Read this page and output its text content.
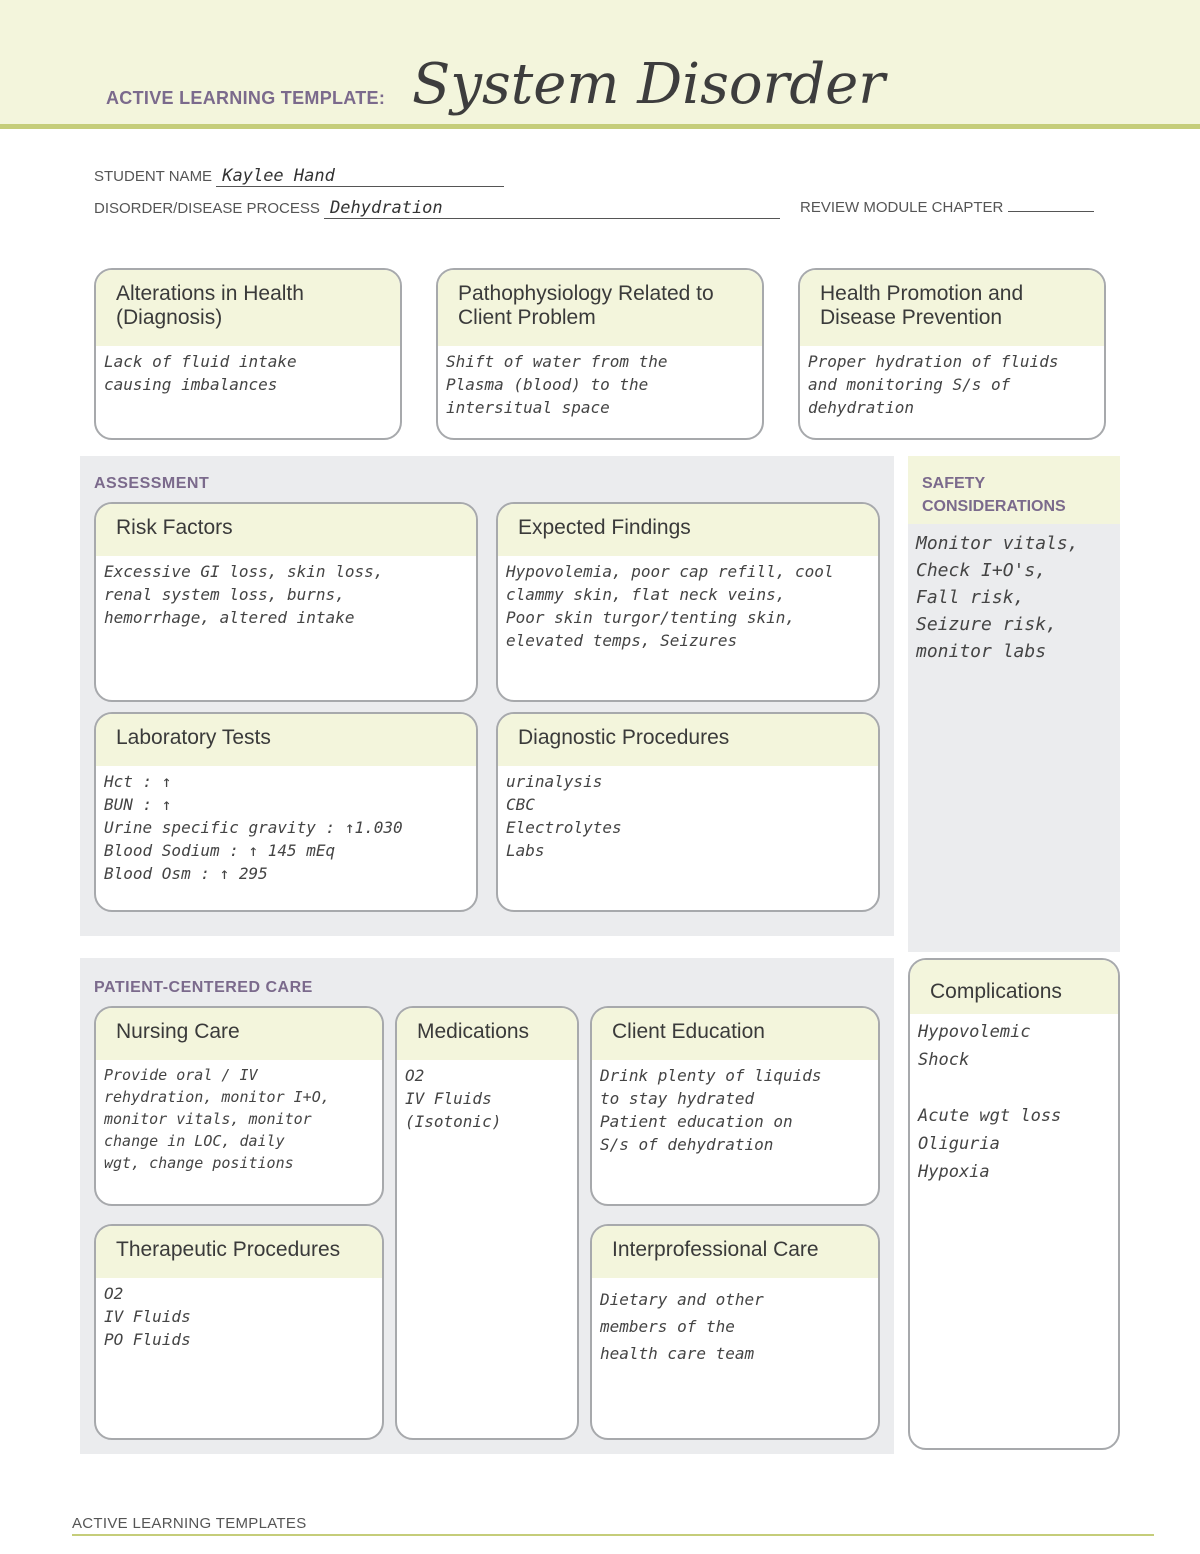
ACTIVE LEARNING TEMPLATE: System Disorder
STUDENT NAME Kaylee Hand
DISORDER/DISEASE PROCESS Dehydration	REVIEW MODULE CHAPTER
Alterations in Health (Diagnosis)
Lack of fluid intake
causing imbalances
Pathophysiology Related to Client Problem
Shift of water from the
Plasma (blood) to the
intersitual space
Health Promotion and Disease Prevention
Proper hydration of fluids
and monitoring S/s of
dehydration
ASSESSMENT
Risk Factors
Excessive GI loss, skin loss,
renal system loss, burns,
hemorrhage, altered intake
Expected Findings
Hypovolemia, poor cap refill, cool
clammy skin, flat neck veins,
Poor skin turgor/tenting skin,
elevated temps, Seizures
Laboratory Tests
Hct : ↑
BUN : ↑
Urine specific gravity : ↑1.030
Blood Sodium : ↑ 145 mEq
Blood Osm : ↑ 295
Diagnostic Procedures
urinalysis
CBC
Electrolytes
Labs
SAFETY CONSIDERATIONS
Monitor vitals,
Check I+O's,
Fall risk,
Seizure risk,
monitor labs
PATIENT-CENTERED CARE
Nursing Care
Provide oral / IV
rehydration, monitor I+O,
monitor vitals, monitor
change in LOC, daily
wgt, change positions
Medications
O2
IV Fluids
(Isotonic)
Client Education
Drink plenty of liquids
to stay hydrated
Patient education on
S/s of dehydration
Therapeutic Procedures
O2
IV Fluids
PO Fluids
Interprofessional Care
Dietary and other
members of the
health care team
Complications
Hypovolemic
Shock

Acute wgt loss
Oliguria
Hypoxia
ACTIVE LEARNING TEMPLATES
